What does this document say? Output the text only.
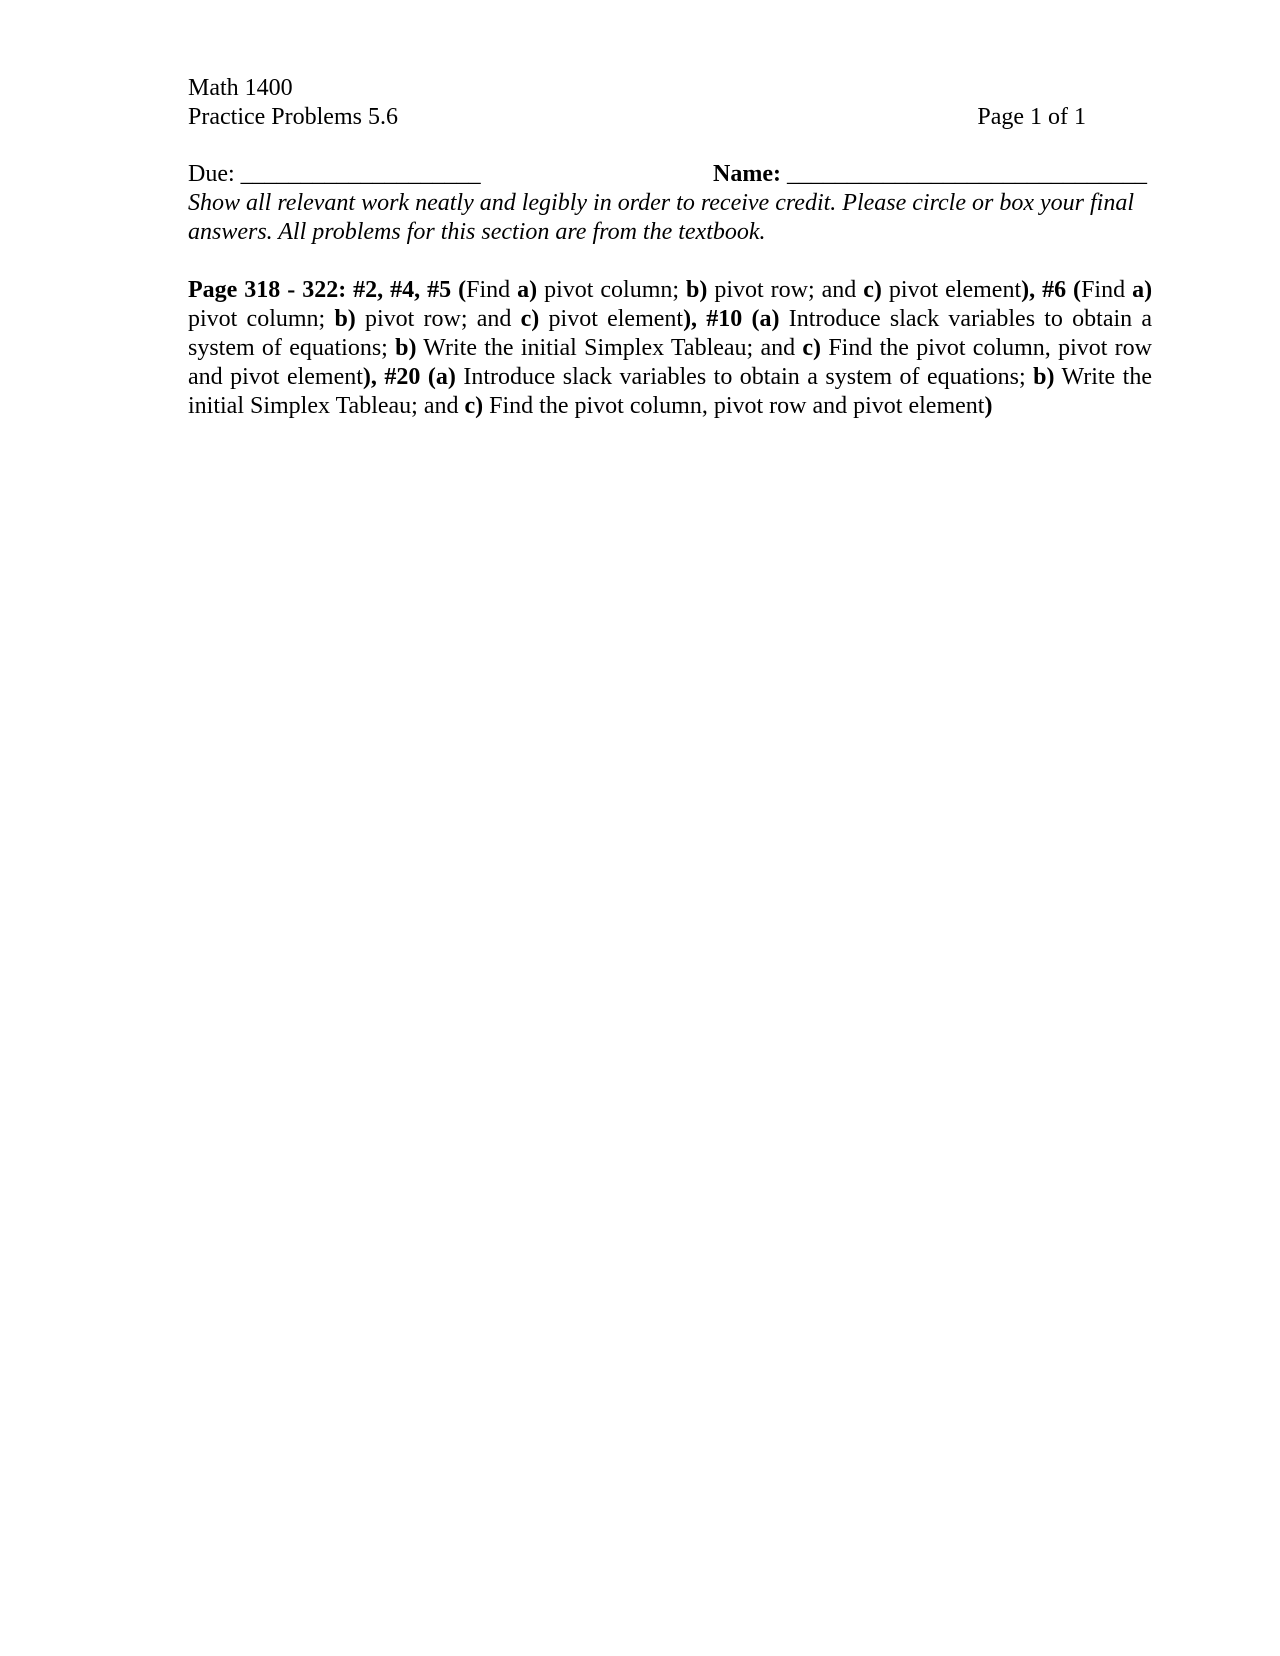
Math 1400
Practice Problems 5.6	Page 1 of 1
Due: ____________________	Name: ______________________________

Show all relevant work neatly and legibly in order to receive credit. Please circle or box your final answers. All problems for this section are from the textbook.

Page 318 - 322: #2, #4, #5 (Find a) pivot column; b) pivot row; and c) pivot element), #6 (Find a) pivot column; b) pivot row; and c) pivot element), #10 (a) Introduce slack variables to obtain a system of equations; b) Write the initial Simplex Tableau; and c) Find the pivot column, pivot row and pivot element), #20 (a) Introduce slack variables to obtain a system of equations; b) Write the initial Simplex Tableau; and c) Find the pivot column, pivot row and pivot element)
